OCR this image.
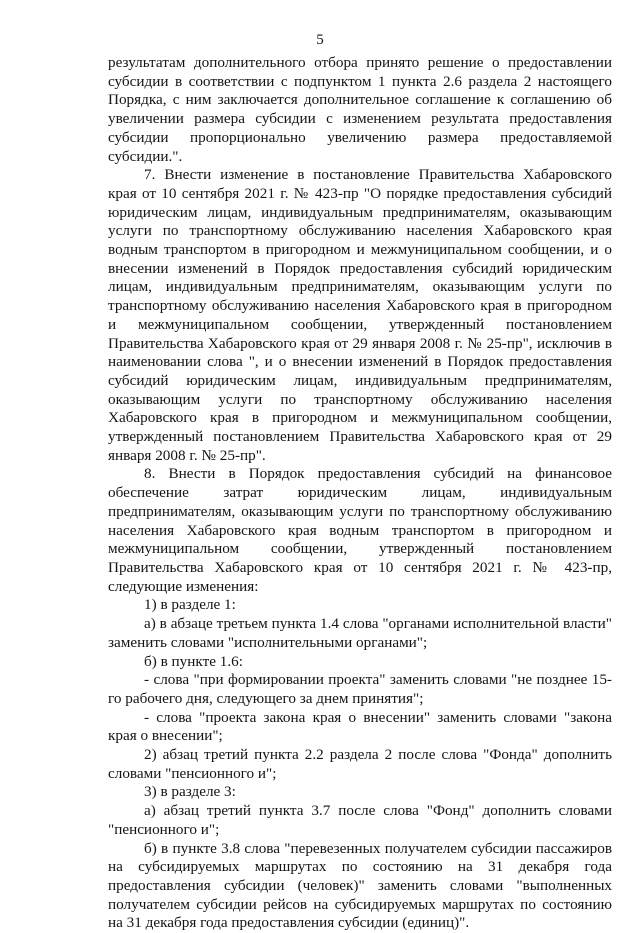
5

результатам дополнительного отбора принято решение о предоставлении субсидии в соответствии с подпунктом 1 пункта 2.6 раздела 2 настоящего Порядка, с ним заключается дополнительное соглашение к соглашению об увеличении размера субсидии с изменением результата предоставления субсидии пропорционально увеличению размера предоставляемой субсидии.".

7. Внести изменение в постановление Правительства Хабаровского края от 10 сентября 2021 г. № 423-пр "О порядке предоставления субсидий юридическим лицам, индивидуальным предпринимателям, оказывающим услуги по транспортному обслуживанию населения Хабаровского края водным транспортом в пригородном и межмуниципальном сообщении, и о внесении изменений в Порядок предоставления субсидий юридическим лицам, индивидуальным предпринимателям, оказывающим услуги по транспортному обслуживанию населения Хабаровского края в пригородном и межмуниципальном сообщении, утвержденный постановлением Правительства Хабаровского края от 29 января 2008 г. № 25-пр", исключив в наименовании слова ", и о внесении изменений в Порядок предоставления субсидий юридическим лицам, индивидуальным предпринимателям, оказывающим услуги по транспортному обслуживанию населения Хабаровского края в пригородном и межмуниципальном сообщении, утвержденный постановлением Правительства Хабаровского края от 29 января 2008 г. № 25-пр".

8. Внести в Порядок предоставления субсидий на финансовое обеспечение затрат юридическим лицам, индивидуальным предпринимателям, оказывающим услуги по транспортному обслуживанию населения Хабаровского края водным транспортом в пригородном и межмуниципальном сообщении, утвержденный постановлением Правительства Хабаровского края от 10 сентября 2021 г. № 423-пр, следующие изменения:

1) в разделе 1:

а) в абзаце третьем пункта 1.4 слова "органами исполнительной власти" заменить словами "исполнительными органами";

б) в пункте 1.6:

- слова "при формировании проекта" заменить словами "не позднее 15-го рабочего дня, следующего за днем принятия";

- слова "проекта закона края о внесении" заменить словами "закона края о внесении";

2) абзац третий пункта 2.2 раздела 2 после слова "Фонда" дополнить словами "пенсионного и";

3) в разделе 3:

а) абзац третий пункта 3.7 после слова "Фонд" дополнить словами "пенсионного и";

б) в пункте 3.8 слова "перевезенных получателем субсидии пассажиров на субсидируемых маршрутах по состоянию на 31 декабря года предоставления субсидии (человек)" заменить словами "выполненных получателем субсидии рейсов на субсидируемых маршрутах по состоянию на 31 декабря года предоставления субсидии (единиц)".
